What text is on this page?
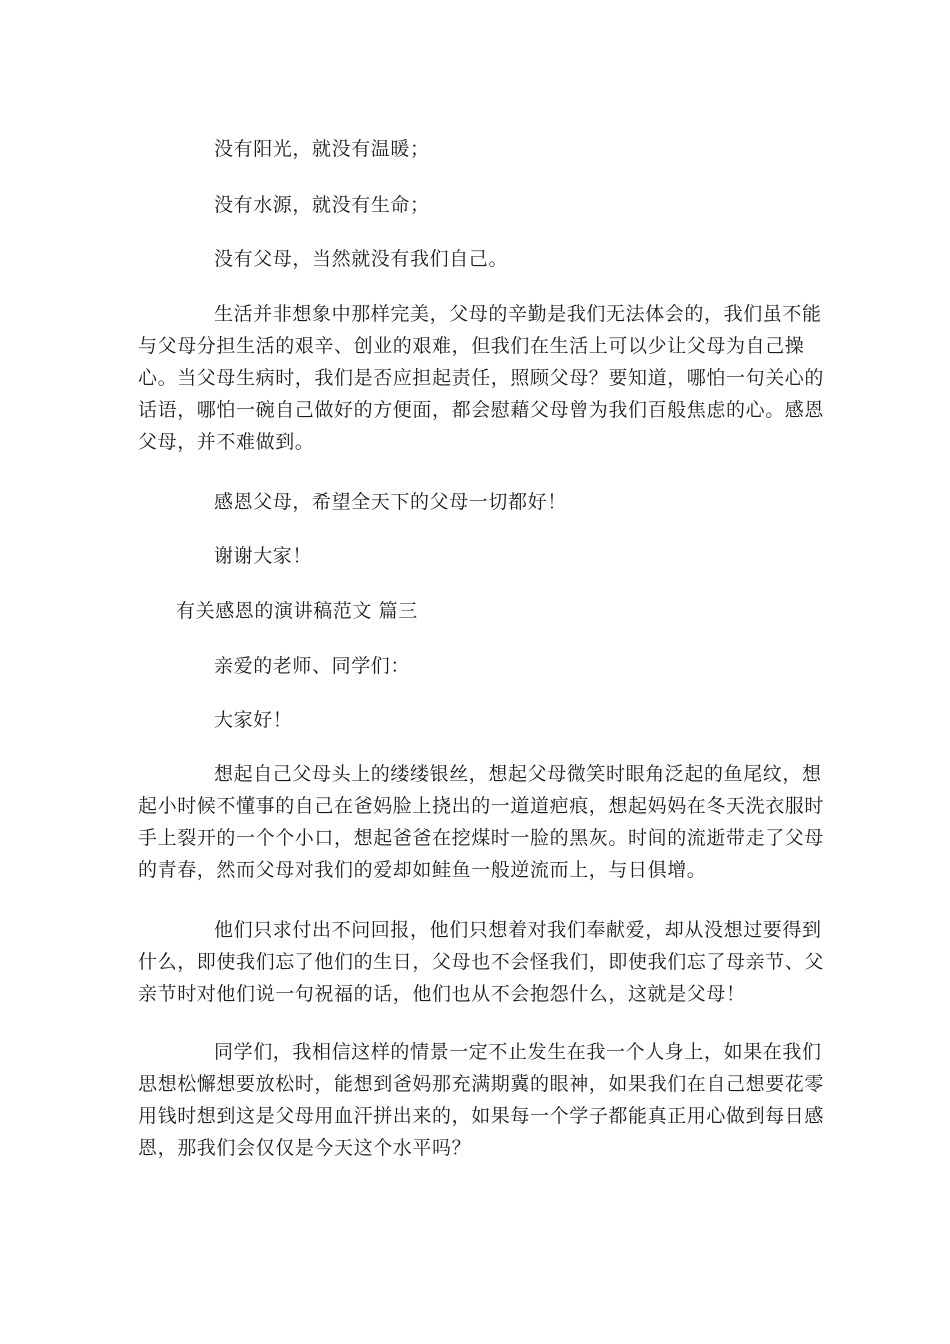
没有阳光，就没有温暖；

没有水源，就没有生命；

没有父母，当然就没有我们自己。

生活并非想象中那样完美，父母的辛勤是我们无法体会的，我们虽不能与父母分担生活的艰辛、创业的艰难，但我们在生活上可以少让父母为自己操心。当父母生病时，我们是否应担起责任，照顾父母？要知道，哪怕一句关心的话语，哪怕一碗自己做好的方便面，都会慰藉父母曾为我们百般焦虑的心。感恩父母，并不难做到。

感恩父母，希望全天下的父母一切都好！

谢谢大家！

有关感恩的演讲稿范文 篇三

亲爱的老师、同学们：

大家好！

想起自己父母头上的缕缕银丝，想起父母微笑时眼角泛起的鱼尾纹，想起小时候不懂事的自己在爸妈脸上挠出的一道道疤痕，想起妈妈在冬天洗衣服时手上裂开的一个个小口，想起爸爸在挖煤时一脸的黑灰。时间的流逝带走了父母的青春，然而父母对我们的爱却如鲑鱼一般逆流而上，与日俱增。

他们只求付出不问回报，他们只想着对我们奉献爱，却从没想过要得到什么，即使我们忘了他们的生日，父母也不会怪我们，即使我们忘了母亲节、父亲节时对他们说一句祝福的话，他们也从不会抱怨什么，这就是父母！

同学们，我相信这样的情景一定不止发生在我一个人身上，如果在我们思想松懈想要放松时，能想到爸妈那充满期冀的眼神，如果我们在自己想要花零用钱时想到这是父母用血汗拼出来的，如果每一个学子都能真正用心做到每日感恩，那我们会仅仅是今天这个水平吗？
